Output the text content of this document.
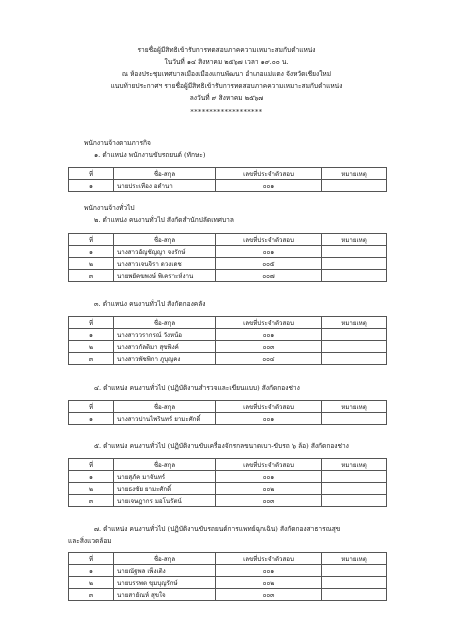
รายชื่อผู้มีสิทธิเข้ารับการทดสอบภาคความเหมาะสมกับตำแหน่ง
ในวันที่ ๑๔ สิงหาคม ๒๕๖๗ เวลา ๑๙.๐๐ น.
ณ ห้องประชุมเทศบาลเมืองเมืองแกนพัฒนา อำเภอแม่แตง จังหวัดเชียงใหม่
แนบท้ายประกาศฯ รายชื่อผู้มีสิทธิเข้ารับการทดสอบภาคความเหมาะสมกับตำแหน่ง
ลงวันที่ ๙ สิงหาคม ๒๕๖๗
*******************
พนักงานจ้างตามภารกิจ
๑. ตำแหน่ง พนักงานขับรถยนต์ (ทักษะ)
ที่	ชื่อ-สกุล	เลขที่ประจำตัวสอบ	หมายเหตุ
๑	นายประเทือง อดำนา	๐๐๑	
พนักงานจ้างทั่วไป
๒. ตำแหน่ง คนงานทั่วไป สังกัดสำนักปลัดเทศบาล
ที่	ชื่อ-สกุล	เลขที่ประจำตัวสอบ	หมายเหตุ
๑	นางสาวอัญชัญญา จงรักษ์	๐๐๑	
๒	นางสาวเจนจิรา ดวงเดช	๐๐๕	
๓	นายพยัคฆพงษ์ พิเคราะห์งาน	๐๐๗	
๓. ตำแหน่ง คนงานทั่วไป สังกัดกองคลัง
ที่	ชื่อ-สกุล	เลขที่ประจำตัวสอบ	หมายเหตุ
๑	นางสาววรากรณ์ วังหน้อ	๐๐๑	
๒	นางสาวกัลติมา สุขพิงค์	๐๐๓	
๓	นางสาวพัชพิกา ภูบุญคง	๐๐๔	
๔. ตำแหน่ง คนงานทั่วไป (ปฏิบัติงานสำรวจและเขียนแบบ) สังกัดกองช่าง
ที่	ชื่อ-สกุล	เลขที่ประจำตัวสอบ	หมายเหตุ
๑	นางสาวปานไพรินทร์ ยามะศักดิ์	๐๐๑	
๕. ตำแหน่ง คนงานทั่วไป (ปฏิบัติงานขับเครื่องจักรกลขนาดเบา-ขับรถ ๖ ล้อ) สังกัดกองช่าง
ที่	ชื่อ-สกุล	เลขที่ประจำตัวสอบ	หมายเหตุ
๑	นายสุภัค มาจันทร์	๐๐๑	
๒	นายธงชัย ยามะศักดิ์	๐๐๒	
๓	นายเจษฎากร มอโนรัตน์	๐๐๓	
๗. ตำแหน่ง คนงานทั่วไป (ปฏิบัติงานขับรถยนต์การแพทย์ฉุกเฉิน) สังกัดกองสาธารณสุข
และสิ่งแวดล้อม
ที่	ชื่อ-สกุล	เลขที่ประจำตัวสอบ	หมายเหตุ
๑	นายณัฐพล เพ็งเติง	๐๐๑	
๒	นายบรรพต ขุมบุญรักษ์	๐๐๒	
๓	นายสายัณห์ สุขใจ	๐๐๓	
